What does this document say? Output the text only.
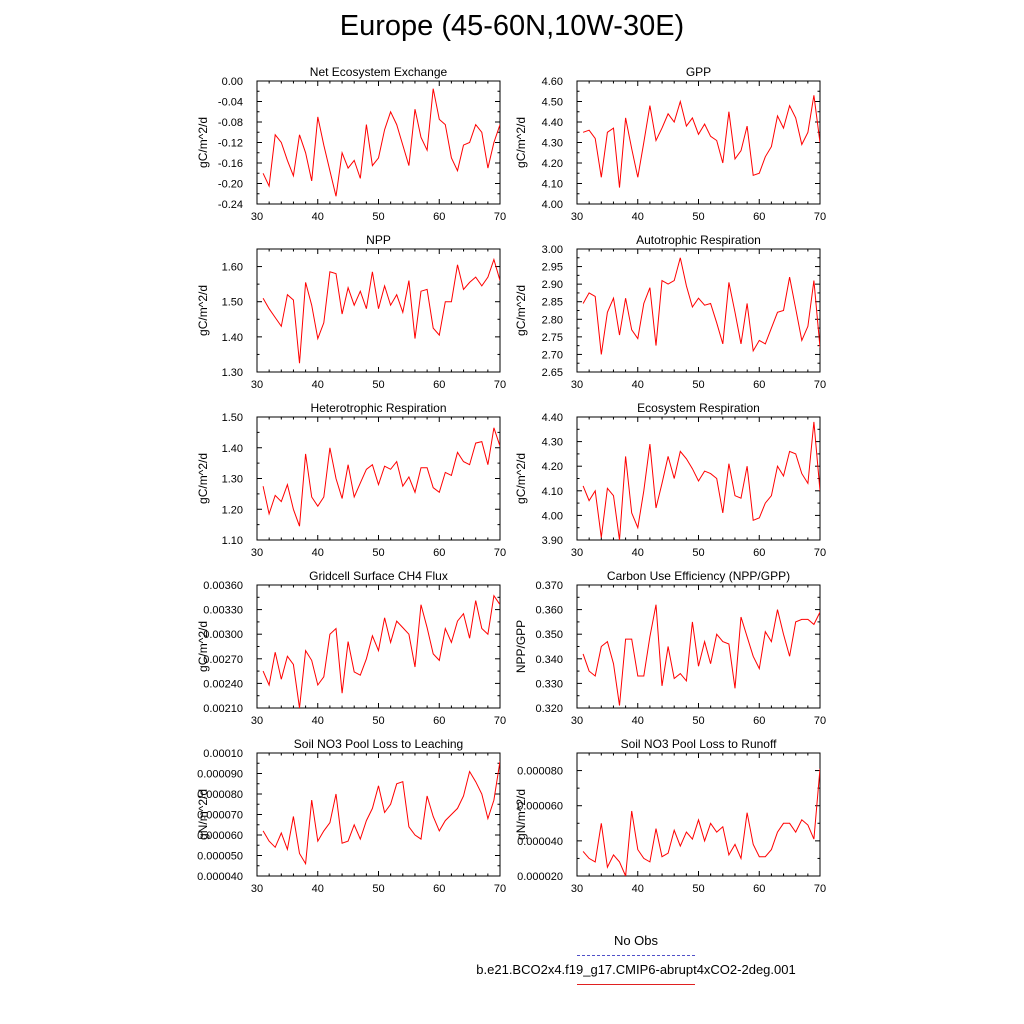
Europe (45-60N,10W-30E)
Net Ecosystem Exchange
30	40	50	60	70
-0.24
-0.20
-0.16
-0.12
-0.08
-0.04
0.00
gC/m^2/d
GPP
30	40	50	60	70
4.00
4.10
4.20
4.30
4.40
4.50
4.60
gC/m^2/d
NPP
30	40	50	60	70
1.30
1.40
1.50
1.60
gC/m^2/d
Autotrophic Respiration
30	40	50	60	70
2.65
2.70
2.75
2.80
2.85
2.90
2.95
3.00
gC/m^2/d
Heterotrophic Respiration
30	40	50	60	70
1.10
1.20
1.30
1.40
1.50
gC/m^2/d
Ecosystem Respiration
30	40	50	60	70
3.90
4.00
4.10
4.20
4.30
4.40
gC/m^2/d
Gridcell Surface CH4 Flux
30	40	50	60	70
0.00210
0.00240
0.00270
0.00300
0.00330
0.00360
gC/m^2/d
Carbon Use Efficiency (NPP/GPP)
30	40	50	60	70
0.320
0.330
0.340
0.350
0.360
0.370
NPP/GPP
Soil NO3 Pool Loss to Leaching
30	40	50	60	70
0.000040
0.000050
0.000060
0.000070
0.000080
0.000090
0.00010
gN/m^2/d
Soil NO3 Pool Loss to Runoff
30	40	50	60	70
0.000020
0.000040
0.000060
0.000080
gN/m^2/d
No Obs
b.e21.BCO2x4.f19_g17.CMIP6-abrupt4xCO2-2deg.001
